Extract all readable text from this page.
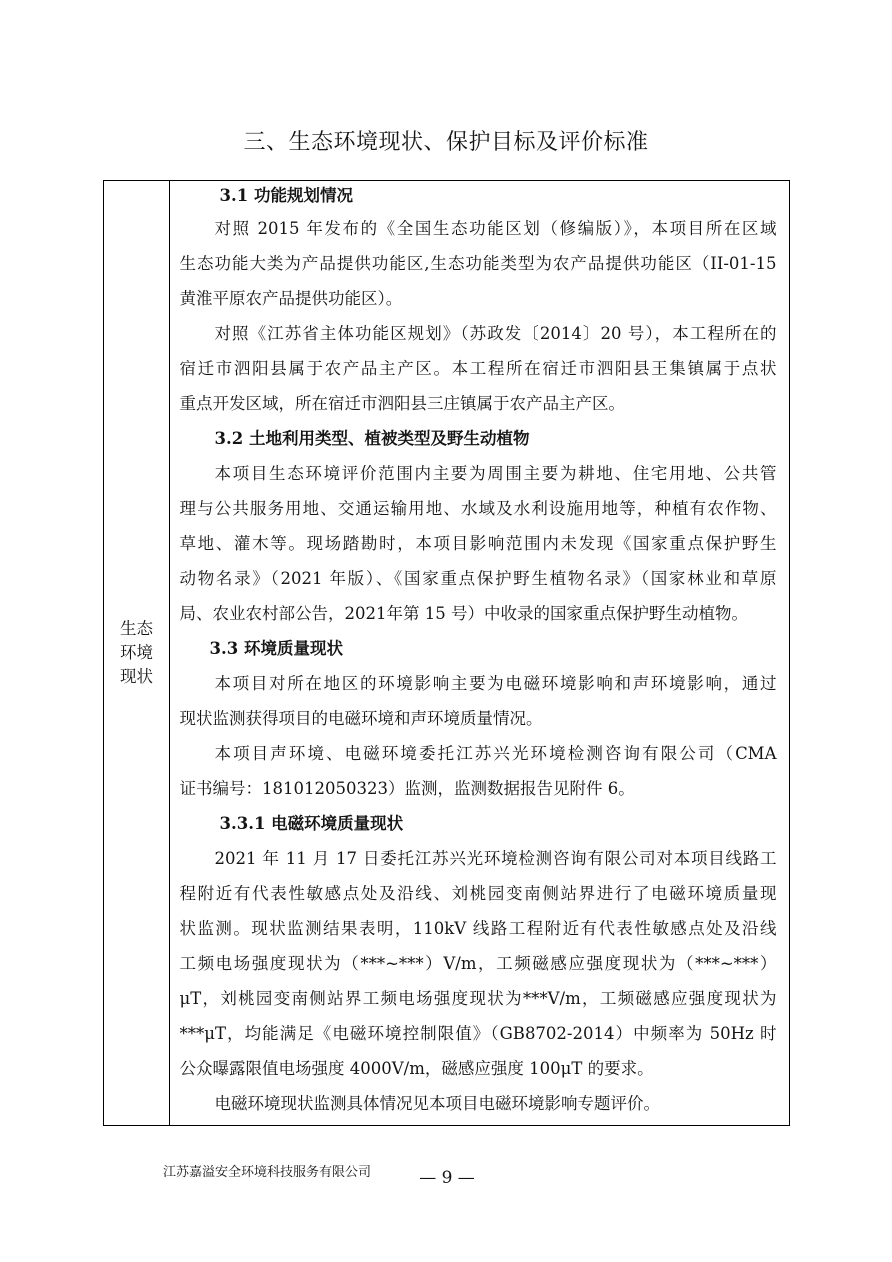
三、生态环境现状、保护目标及评价标准
生态
环境
现状
3.1 功能规划情况
对照 2015 年发布的《全国生态功能区划（修编版）》，本项目所在区域
生态功能大类为产品提供功能区,生态功能类型为农产品提供功能区（II-01-15
黄淮平原农产品提供功能区）。
对照《江苏省主体功能区规划》（苏政发〔2014〕20 号），本工程所在的
宿迁市泗阳县属于农产品主产区。本工程所在宿迁市泗阳县王集镇属于点状
重点开发区域，所在宿迁市泗阳县三庄镇属于农产品主产区。
3.2 土地利用类型、植被类型及野生动植物
本项目生态环境评价范围内主要为周围主要为耕地、住宅用地、公共管
理与公共服务用地、交通运输用地、水域及水利设施用地等，种植有农作物、
草地、灌木等。现场踏勘时，本项目影响范围内未发现《国家重点保护野生
动物名录》（2021 年版）、《国家重点保护野生植物名录》（国家林业和草原
局、农业农村部公告，2021年第 15 号）中收录的国家重点保护野生动植物。
3.3 环境质量现状
本项目对所在地区的环境影响主要为电磁环境影响和声环境影响，通过
现状监测获得项目的电磁环境和声环境质量情况。
本项目声环境、电磁环境委托江苏兴光环境检测咨询有限公司（CMA
证书编号：181012050323）监测，监测数据报告见附件 6。
3.3.1 电磁环境质量现状
2021 年 11 月 17 日委托江苏兴光环境检测咨询有限公司对本项目线路工
程附近有代表性敏感点处及沿线、刘桃园变南侧站界进行了电磁环境质量现
状监测。现状监测结果表明，110kV 线路工程附近有代表性敏感点处及沿线
工频电场强度现状为（***~***）V/m，工频磁感应强度现状为（***~***）
μT，刘桃园变南侧站界工频电场强度现状为***V/m，工频磁感应强度现状为
***μT，均能满足《电磁环境控制限值》（GB8702-2014）中频率为 50Hz 时
公众曝露限值电场强度 4000V/m，磁感应强度 100μT 的要求。
电磁环境现状监测具体情况见本项目电磁环境影响专题评价。
江苏嘉溢安全环境科技服务有限公司	— 9 —
